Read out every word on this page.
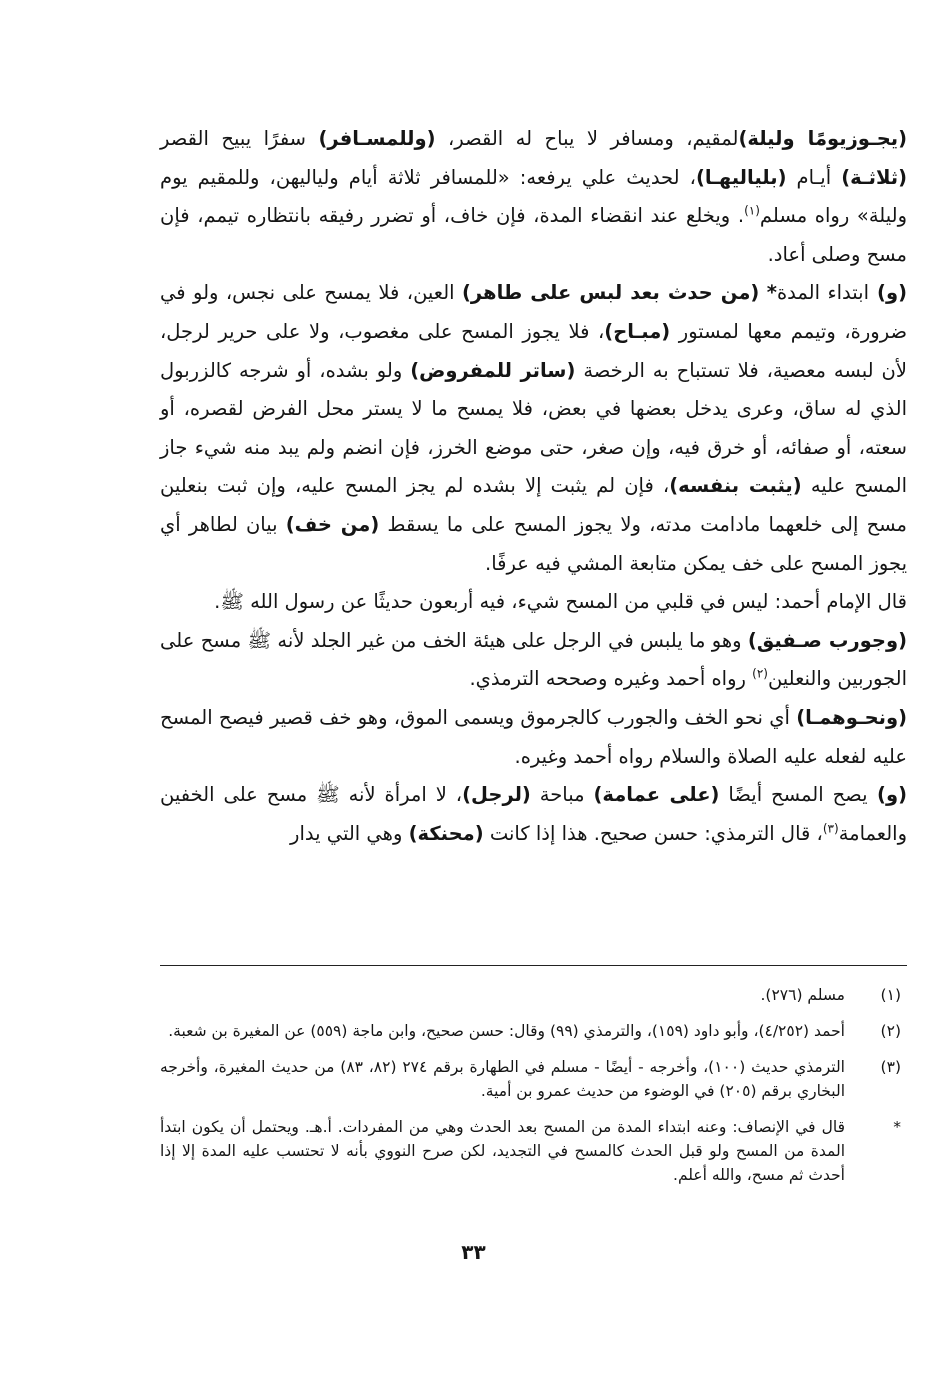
(يجـوزيومًا وليلة)لمقيم، ومسافر لا يباح له القصر، (وللمسـافر) سفرًا يبيح القصر (ثلاثـة) أيـام (بلياليهـا)، لحديث علي يرفعه: «للمسافر ثلاثة أيام ولياليهن، وللمقيم يوم وليلة» رواه مسلم$^{(١)}$. ويخلع عند انقضاء المدة، فإن خاف، أو تضرر رفيقه بانتظاره تيمم، فإن مسح وصلى أعاد.

(و) ابتداء المدة* (من حدث بعد لبس على طاهر) العين، فلا يمسح على نجس، ولو في ضرورة، وتيمم معها لمستور (مبـاح)، فلا يجوز المسح على مغصوب، ولا على حرير لرجل، لأن لبسه معصية، فلا تستباح به الرخصة (ساتر للمفروض) ولو بشده، أو شرجه كالزربول الذي له ساق، وعرى يدخل بعضها في بعض، فلا يمسح ما لا يستر محل الفرض لقصره، أو سعته، أو صفائه، أو خرق فيه، وإن صغر، حتى موضع الخرز، فإن انضم ولم يبد منه شيء جاز المسح عليه (يثبت بنفسه)، فإن لم يثبت إلا بشده لم يجز المسح عليه، وإن ثبت بنعلين مسح إلى خلعهما مادامت مدته، ولا يجوز المسح على ما يسقط (من خف) بيان لطاهر أي يجوز المسح على خف يمكن متابعة المشي فيه عرفًا.

قال الإمام أحمد: ليس في قلبي من المسح شيء، فيه أربعون حديثًا عن رسول الله ﷺ.

(وجورب صـفيق) وهو ما يلبس في الرجل على هيئة الخف من غير الجلد لأنه ﷺ مسح على الجوربين والنعلين$^{(٢)}$ رواه أحمد وغيره وصححه الترمذي.

(ونحـوهمـا) أي نحو الخف والجورب كالجرموق ويسمى الموق، وهو خف قصير فيصح المسح عليه لفعله عليه الصلاة والسلام رواه أحمد وغيره.

(و) يصح المسح أيضًا (على عمامة) مباحة (لرجل)، لا امرأة لأنه ﷺ مسح على الخفين والعمامة$^{(٣)}$، قال الترمذي: حسن صحيح. هذا إذا كانت (محنكة) وهي التي يدار

(١)
مسلم (٢٧٦).
(٢)
أحمد (٤/٢٥٢)، وأبو داود (١٥٩)، والترمذي (٩٩) وقال: حسن صحيح، وابن ماجة (٥٥٩) عن المغيرة بن شعبة.
(٣)
الترمذي حديث (١٠٠)، وأخرجه - أيضًا - مسلم في الطهارة برقم ٢٧٤ (٨٢، ٨٣) من حديث المغيرة، وأخرجه البخاري برقم (٢٠٥) في الوضوء من حديث عمرو بن أمية.
*
قال في الإنصاف: وعنه ابتداء المدة من المسح بعد الحدث وهي من المفردات. أ.هـ. ويحتمل أن يكون ابتدأ المدة من المسح ولو قبل الحدث كالمسح في التجديد، لكن صرح النووي بأنه لا تحتسب عليه المدة إلا إذا أحدث ثم مسح، والله أعلم.
٣٣
